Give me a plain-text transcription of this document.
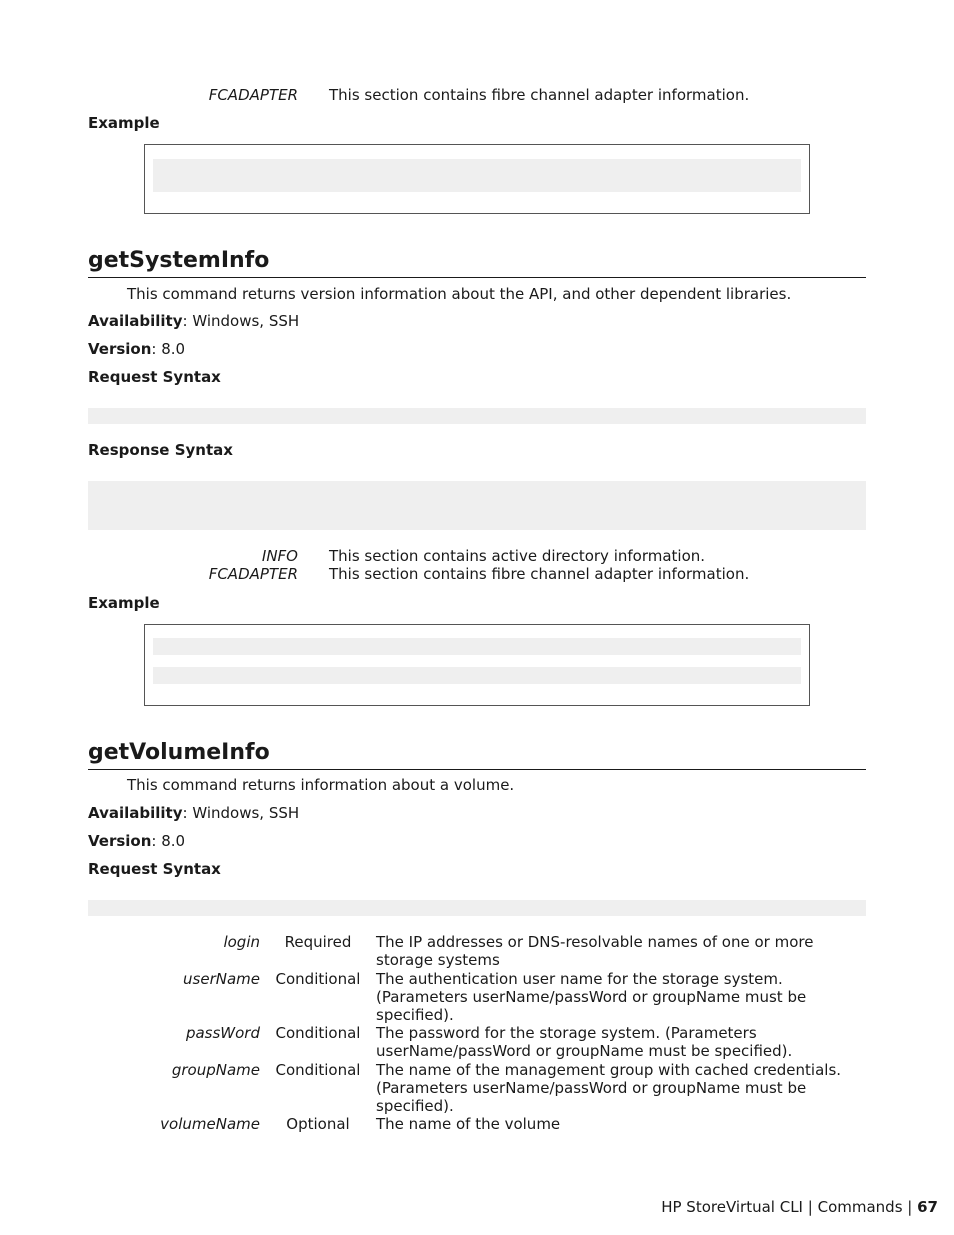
FCADAPTER This section contains fibre channel adapter information.
Example
getSystemInfo
This command returns version information about the API, and other dependent libraries.
Availability: Windows, SSH
Version: 8.0
Request Syntax
Response Syntax
INFO This section contains active directory information.
FCADAPTER This section contains fibre channel adapter information.
Example
getVolumeInfo
This command returns information about a volume.
Availability: Windows, SSH
Version: 8.0
Request Syntax
login	Required	The IP addresses or DNS-resolvable names of one or more storage systems
userName	Conditional	The authentication user name for the storage system. (Parameters userName/passWord or groupName must be specified).
passWord	Conditional	The password for the storage system. (Parameters userName/passWord or groupName must be specified).
groupName	Conditional	The name of the management group with cached credentials. (Parameters userName/passWord or groupName must be specified).
volumeName	Optional	The name of the volume
HP StoreVirtual CLI | Commands | 67
